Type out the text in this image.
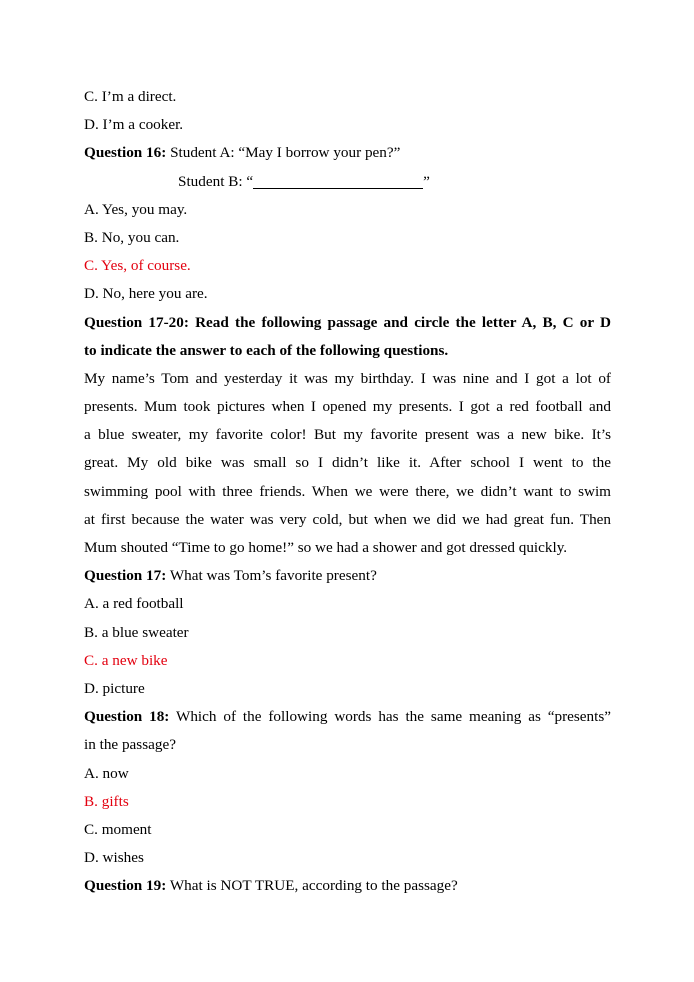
C. I’m a direct.
D. I’m a cooker.
Question 16: Student A: “May I borrow your pen?”
Student B: “	”
A. Yes, you may.
B. No, you can.
C. Yes, of course.
D. No, here you are.
Question 17-20: Read the following passage and circle the letter A, B, C or D
to indicate the answer to each of the following questions.
My name’s Tom and yesterday it was my birthday. I was nine and I got a lot of
presents. Mum took pictures when I opened my presents. I got a red football and
a blue sweater, my favorite color! But my favorite present was a new bike. It’s
great. My old bike was small so I didn’t like it. After school I went to the
swimming pool with three friends. When we were there, we didn’t want to swim
at first because the water was very cold, but when we did we had great fun. Then
Mum shouted “Time to go home!” so we had a shower and got dressed quickly.
Question 17: What was Tom’s favorite present?
A. a red football
B. a blue sweater
C. a new bike
D. picture
Question 18: Which of the following words has the same meaning as “presents”
in the passage?
A. now
B. gifts
C. moment
D. wishes
Question 19: What is NOT TRUE, according to the passage?
